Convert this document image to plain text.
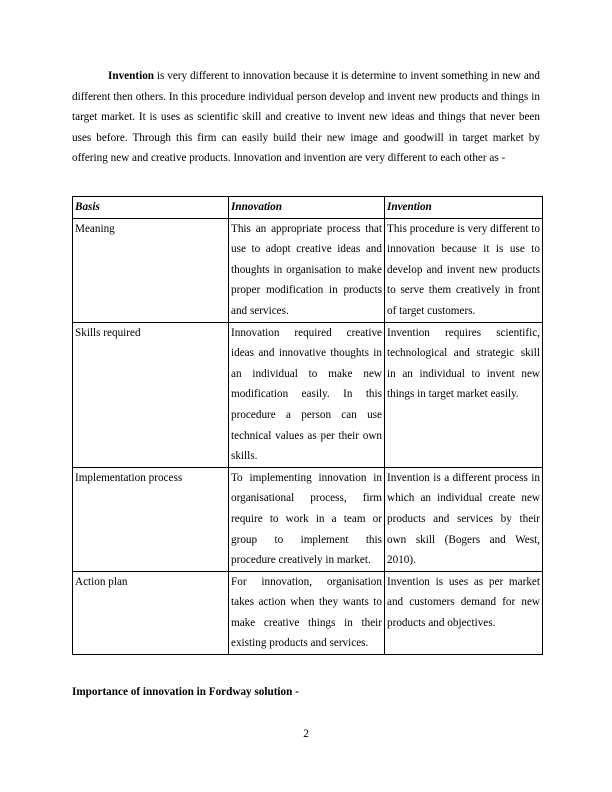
Invention is very different to innovation because it is determine to invent something in new and different then others. In this procedure individual person develop and invent new products and things in target market. It is uses as scientific skill and creative to invent new ideas and things that never been uses before. Through this firm can easily build their new image and goodwill in target market by offering new and creative products. Innovation and invention are very different to each other as -

Basis	Innovation	Invention
Meaning	This an appropriate process that use to adopt creative ideas and thoughts in organisation to make proper modification in products and services.	This procedure is very different to innovation because it is use to develop and invent new products to serve them creatively in front of target customers.
Skills required	Innovation required creative ideas and innovative thoughts in an individual to make new modification easily. In this procedure a person can use technical values as per their own skills.	Invention requires scientific, technological and strategic skill in an individual to invent new things in target market easily.
Implementation process	To implementing innovation in organisational process, firm require to work in a team or group to implement this procedure creatively in market.	Invention is a different process in which an individual create new products and services by their own skill (Bogers and West, 2010).
Action plan	For innovation, organisation takes action when they wants to make creative things in their existing products and services.	Invention is uses as per market and customers demand for new products and objectives.

Importance of innovation in Fordway solution -

2
